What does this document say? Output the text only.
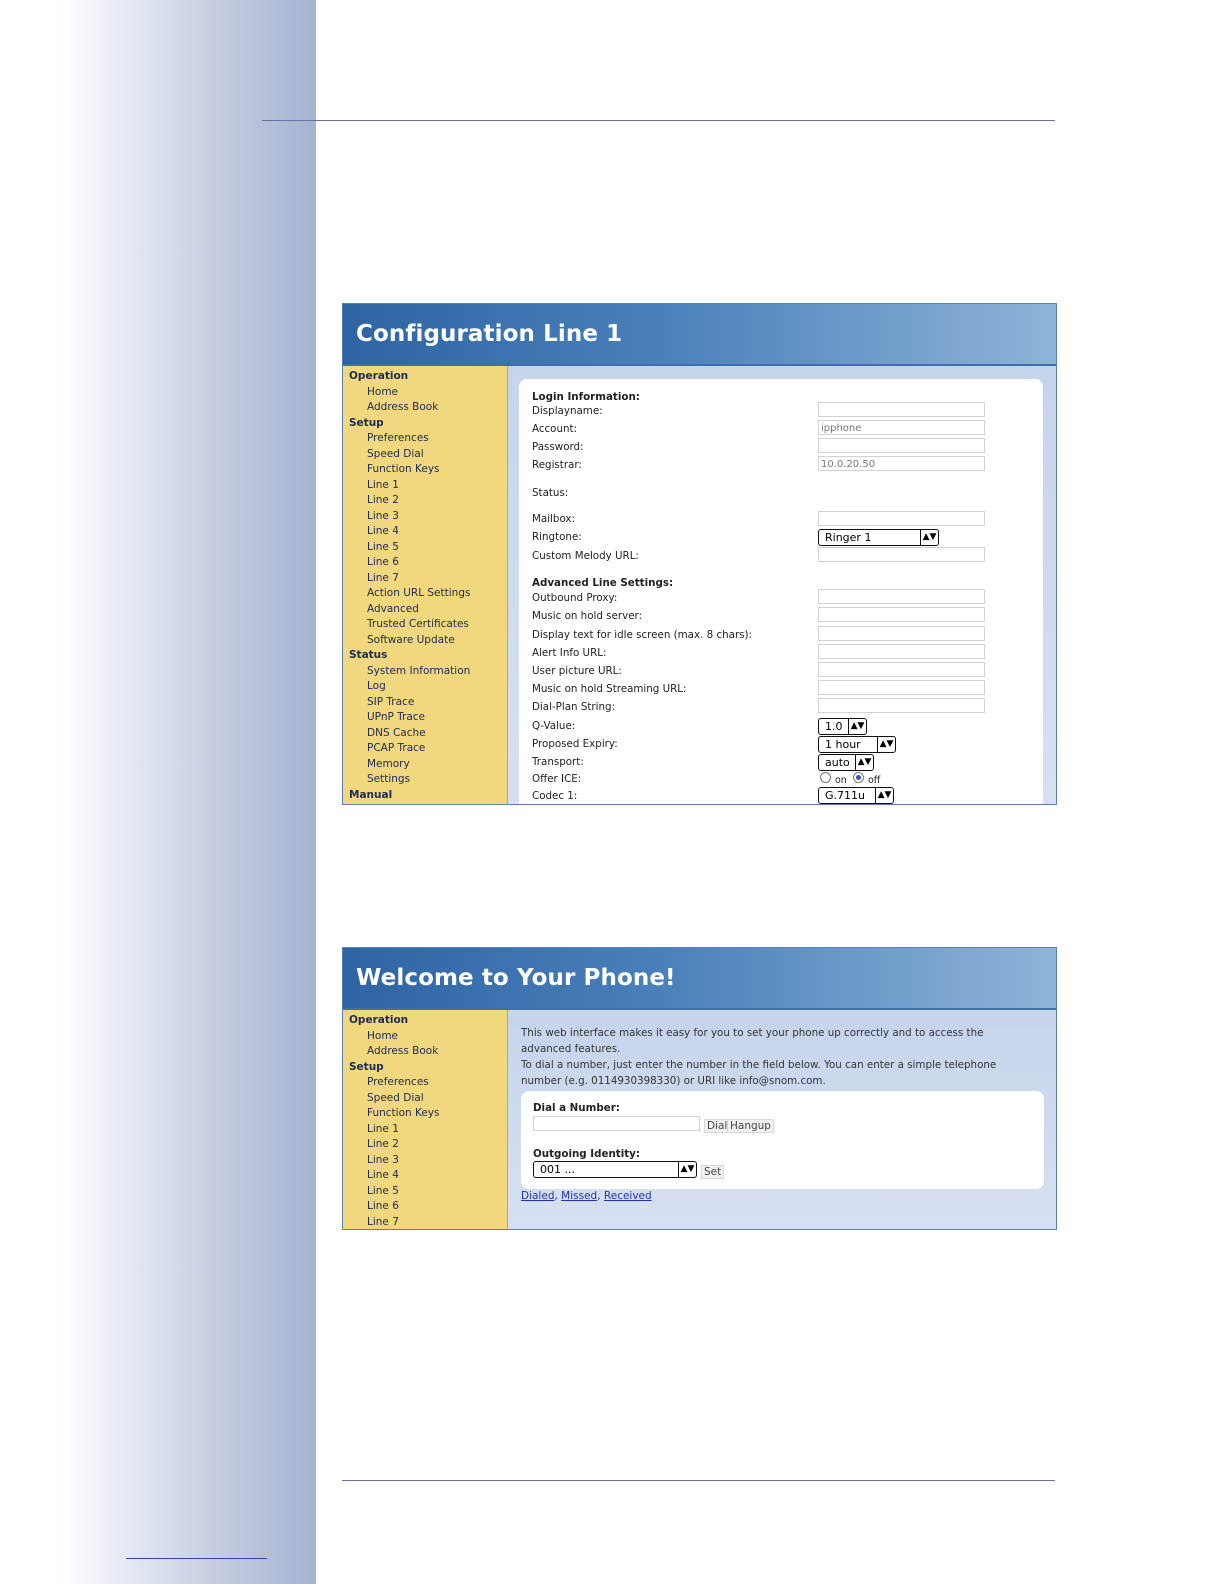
Configuration Line 1
Operation
Home
Address Book
Setup
Preferences
Speed Dial
Function Keys
Line 1
Line 2
Line 3
Line 4
Line 5
Line 6
Line 7
Action URL Settings
Advanced
Trusted Certificates
Software Update
Status
System Information
Log
SIP Trace
UPnP Trace
DNS Cache
PCAP Trace
Memory
Settings
Manual
Login Information:
Displayname:
Account:	ipphone
Password:
Registrar:	10.0.20.50
Status:
Mailbox:
Ringtone:	Ringer 1	▲▼
Custom Melody URL:
Advanced Line Settings:
Outbound Proxy:
Music on hold server:
Display text for idle screen (max. 8 chars):
Alert Info URL:
User picture URL:
Music on hold Streaming URL:
Dial-Plan String:
Q-Value:	1.0 ▲▼
Proposed Expiry:	1 hour ▲▼
Transport:	auto ▲▼
Offer ICE:	on off
Codec 1:	G.711u ▲▼
Welcome to Your Phone!
Operation
Home
Address Book
Setup
Preferences
Speed Dial
Function Keys
Line 1
Line 2
Line 3
Line 4
Line 5
Line 6
Line 7
This web interface makes it easy for you to set your phone up correctly and to access the
advanced features.
To dial a number, just enter the number in the field below. You can enter a simple telephone
number (e.g. 0114930398330) or URI like info@snom.com.
Dial a Number:
Dial Hangup
Outgoing Identity:
001 ...	▲▼ Set
Dialed, Missed, Received
